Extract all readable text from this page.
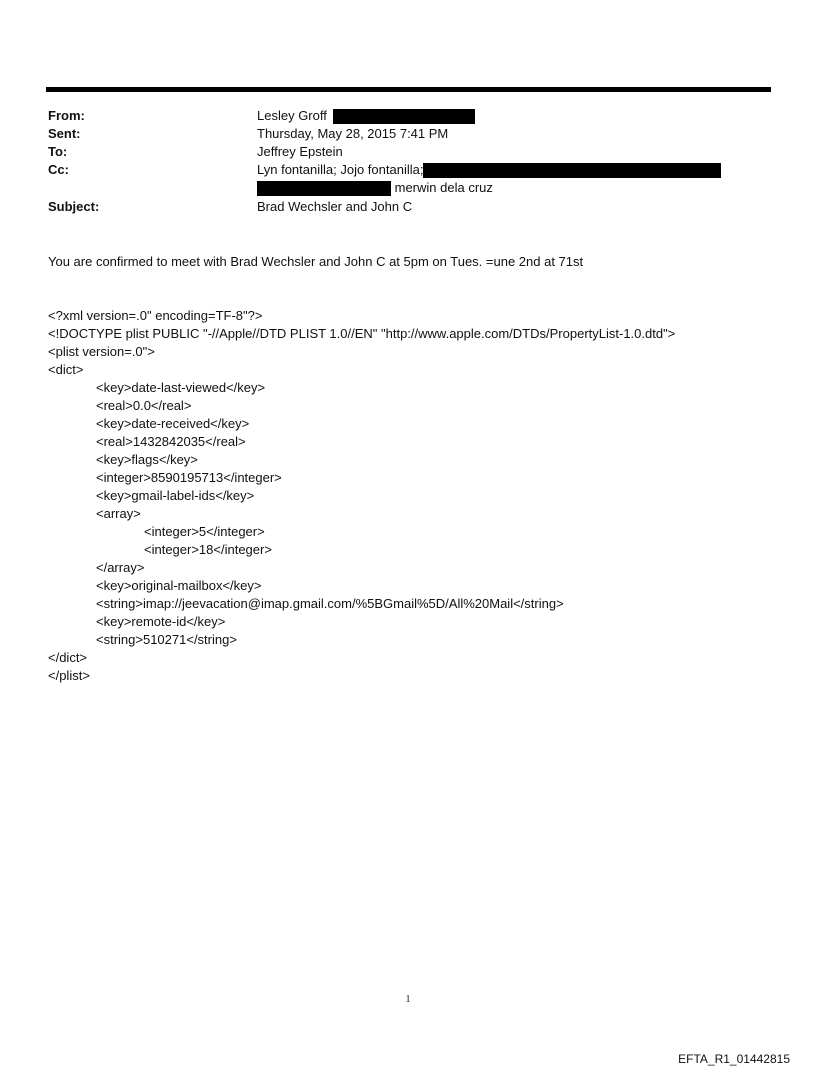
From:	Lesley Groff
Sent:	Thursday, May 28, 2015 7:41 PM
To:	Jeffrey Epstein
Cc:	Lyn fontanilla; Jojo fontanilla;
merwin dela cruz
Subject:	Brad Wechsler and John C
You are confirmed to meet with Brad Wechsler and John C at 5pm on Tues. =une 2nd at 71st
<?xml version=.0" encoding=TF-8"?>
<!DOCTYPE plist PUBLIC "-//Apple//DTD PLIST 1.0//EN" "http://www.apple.com/DTDs/PropertyList-1.0.dtd">
<plist version=.0">
<dict>
<key>date-last-viewed</key>
<real>0.0</real>
<key>date-received</key>
<real>1432842035</real>
<key>flags</key>
<integer>8590195713</integer>
<key>gmail-label-ids</key>
<array>
<integer>5</integer>
<integer>18</integer>
</array>
<key>original-mailbox</key>
<string>imap://jeevacation@imap.gmail.com/%5BGmail%5D/All%20Mail</string>
<key>remote-id</key>
<string>510271</string>
</dict>
</plist>
1
EFTA_R1_01442815
